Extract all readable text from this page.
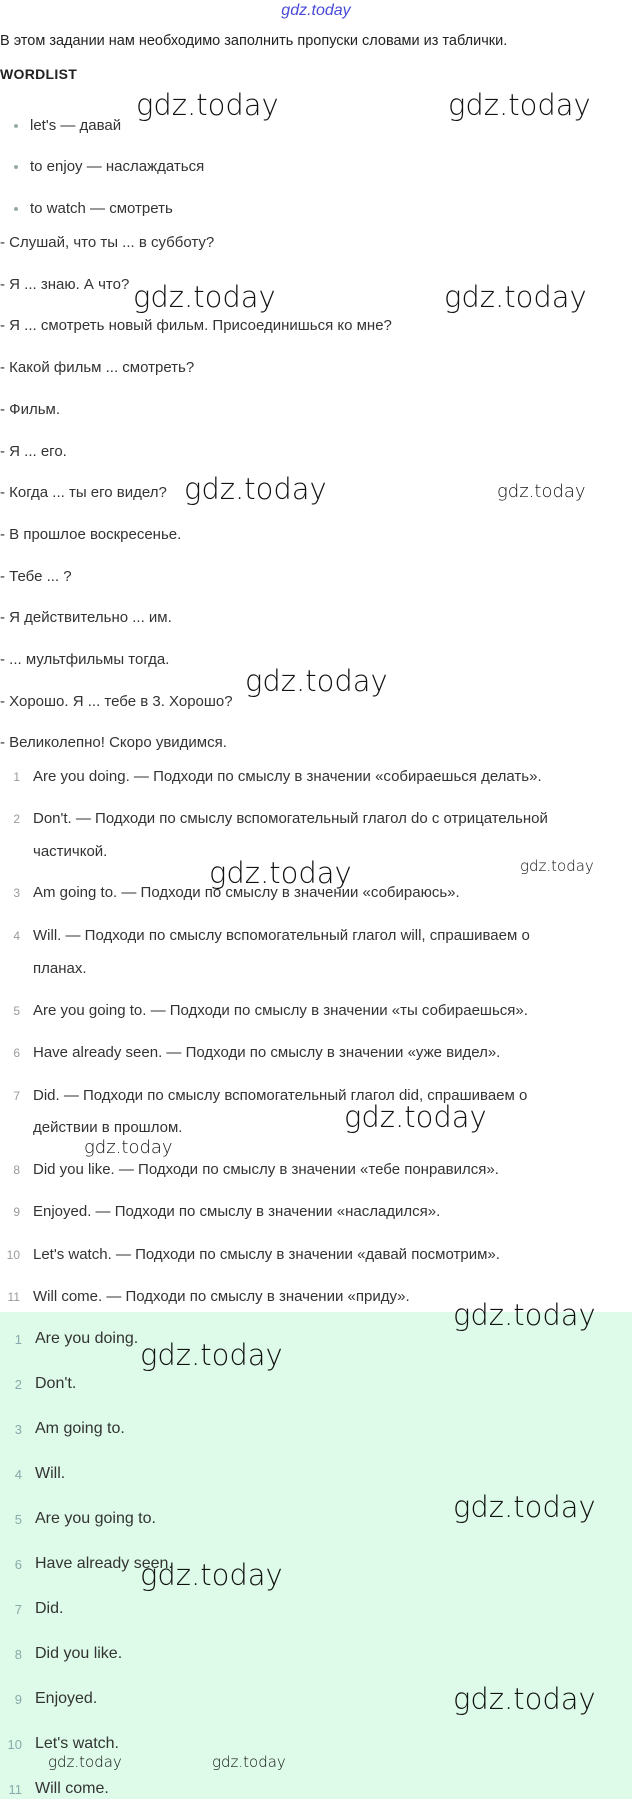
gdz.today
В этом задании нам необходимо заполнить пропуски словами из таблички.
WORDLIST
let's — давай
to enjoy — наслаждаться
to watch — смотреть
- Слушай, что ты ... в субботу?
- Я ... знаю. А что?
- Я ... смотреть новый фильм. Присоединишься ко мне?
- Какой фильм ... смотреть?
- Фильм.
- Я ... его.
- Когда ... ты его видел?
- В прошлое воскресенье.
- Тебе ... ?
- Я действительно ... им.
- ... мультфильмы тогда.
- Хорошо. Я ... тебе в 3. Хорошо?
- Великолепно! Скоро увидимся.
1 Are you doing. — Подходи по смыслу в значении «собираешься делать».
2 Don't. — Подходи по смыслу вспомогательный глагол do с отрицательной
частичкой.
3 Am going to. — Подходи по смыслу в значении «собираюсь».
4 Will. — Подходи по смыслу вспомогательный глагол will, спрашиваем о
планах.
5 Are you going to. — Подходи по смыслу в значении «ты собираешься».
6 Have already seen. — Подходи по смыслу в значении «уже видел».
7 Did. — Подходи по смыслу вспомогательный глагол did, спрашиваем о
действии в прошлом.
8 Did you like. — Подходи по смыслу в значении «тебе понравился».
9 Enjoyed. — Подходи по смыслу в значении «насладился».
10 Let's watch. — Подходи по смыслу в значении «давай посмотрим».
11 Will come. — Подходи по смыслу в значении «приду».
1 Are you doing.
2 Don't.
3 Am going to.
4 Will.
5 Are you going to.
6 Have already seen.
7 Did.
8 Did you like.
9 Enjoyed.
10 Let's watch.
11 Will come.
gdz.today	gdz.today
gdz.today	gdz.today
gdz.today	gdz.today
gdz.today
gdz.today	gdz.today
gdz.today
gdz.today
gdz.today
gdz.today
gdz.today
gdz.today
gdz.today
gdz.today	gdz.today
